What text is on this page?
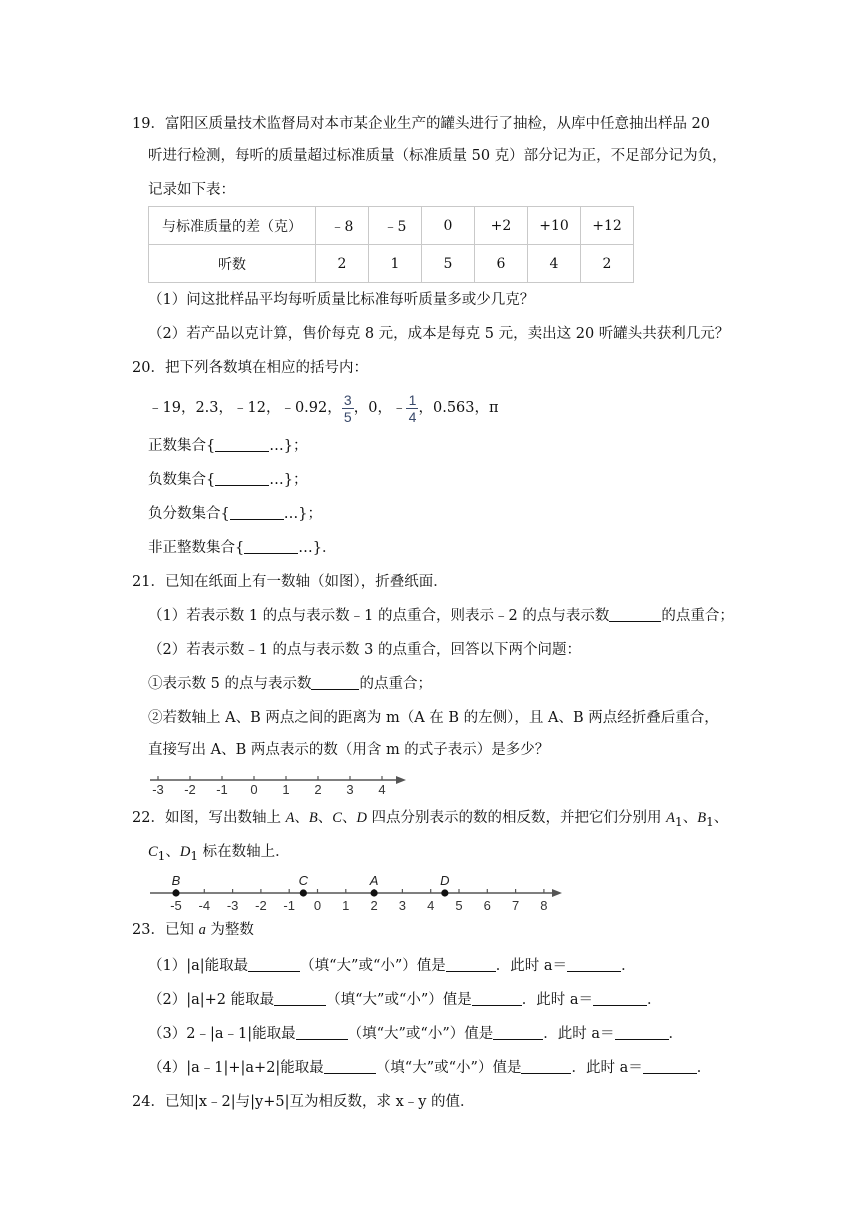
19．富阳区质量技术监督局对本市某企业生产的罐头进行了抽检，从库中任意抽出样品 20
听进行检测，每听的质量超过标准质量（标准质量 50 克）部分记为正，不足部分记为负，
记录如下表：
与标准质量的差（克）	﹣8	﹣5	0	+2	+10	+12
听数	2	1	5	6	4	2
（1）问这批样品平均每听质量比标准每听质量多或少几克？
（2）若产品以克计算，售价每克 8 元，成本是每克 5 元，卖出这 20 听罐头共获利几元？
20．把下列各数填在相应的括号内：
﹣19，2.3，﹣12，﹣0.92， $\frac{3}{5}$ ，0，﹣ $\frac{1}{4}$ ，0.563，π
正数集合{	…}；
负数集合{	…}；
负分数集合{	…}；
非正整数集合{	…}．
21．已知在纸面上有一数轴（如图），折叠纸面．
（1）若表示数 1 的点与表示数﹣1 的点重合，则表示﹣2 的点与表示数	的点重合；
（2）若表示数﹣1 的点与表示数 3 的点重合，回答以下两个问题：
①表示数 5 的点与表示数	的点重合；
②若数轴上 A、B 两点之间的距离为 m（A 在 B 的左侧），且 A、B 两点经折叠后重合，
直接写出 A、B 两点表示的数（用含 m 的式子表示）是多少？
-3 -2 -1 0 1 2 3 4
22．如图，写出数轴上 A、B、C、D 四点分别表示的数的相反数，并把它们分别用 $A_1$、$B_1$、
$C_1$、$D_1$ 标在数轴上．
-5 -4 -3 -2 -1 0 1 2 3 4 5 6 7 8
B	C	A	D
23．已知 a 为整数
（1）|a|能取最	（填“大”或“小”）值是	．此时 a＝	．
（2）|a|+2 能取最	（填“大”或“小”）值是	．此时 a＝	．
（3）2﹣|a﹣1|能取最	（填“大”或“小”）值是	．此时 a＝	．
（4）|a﹣1|+|a+2|能取最	（填“大”或“小”）值是	．此时 a＝	．
24．已知|x﹣2|与|y+5|互为相反数，求 x﹣y 的值．
